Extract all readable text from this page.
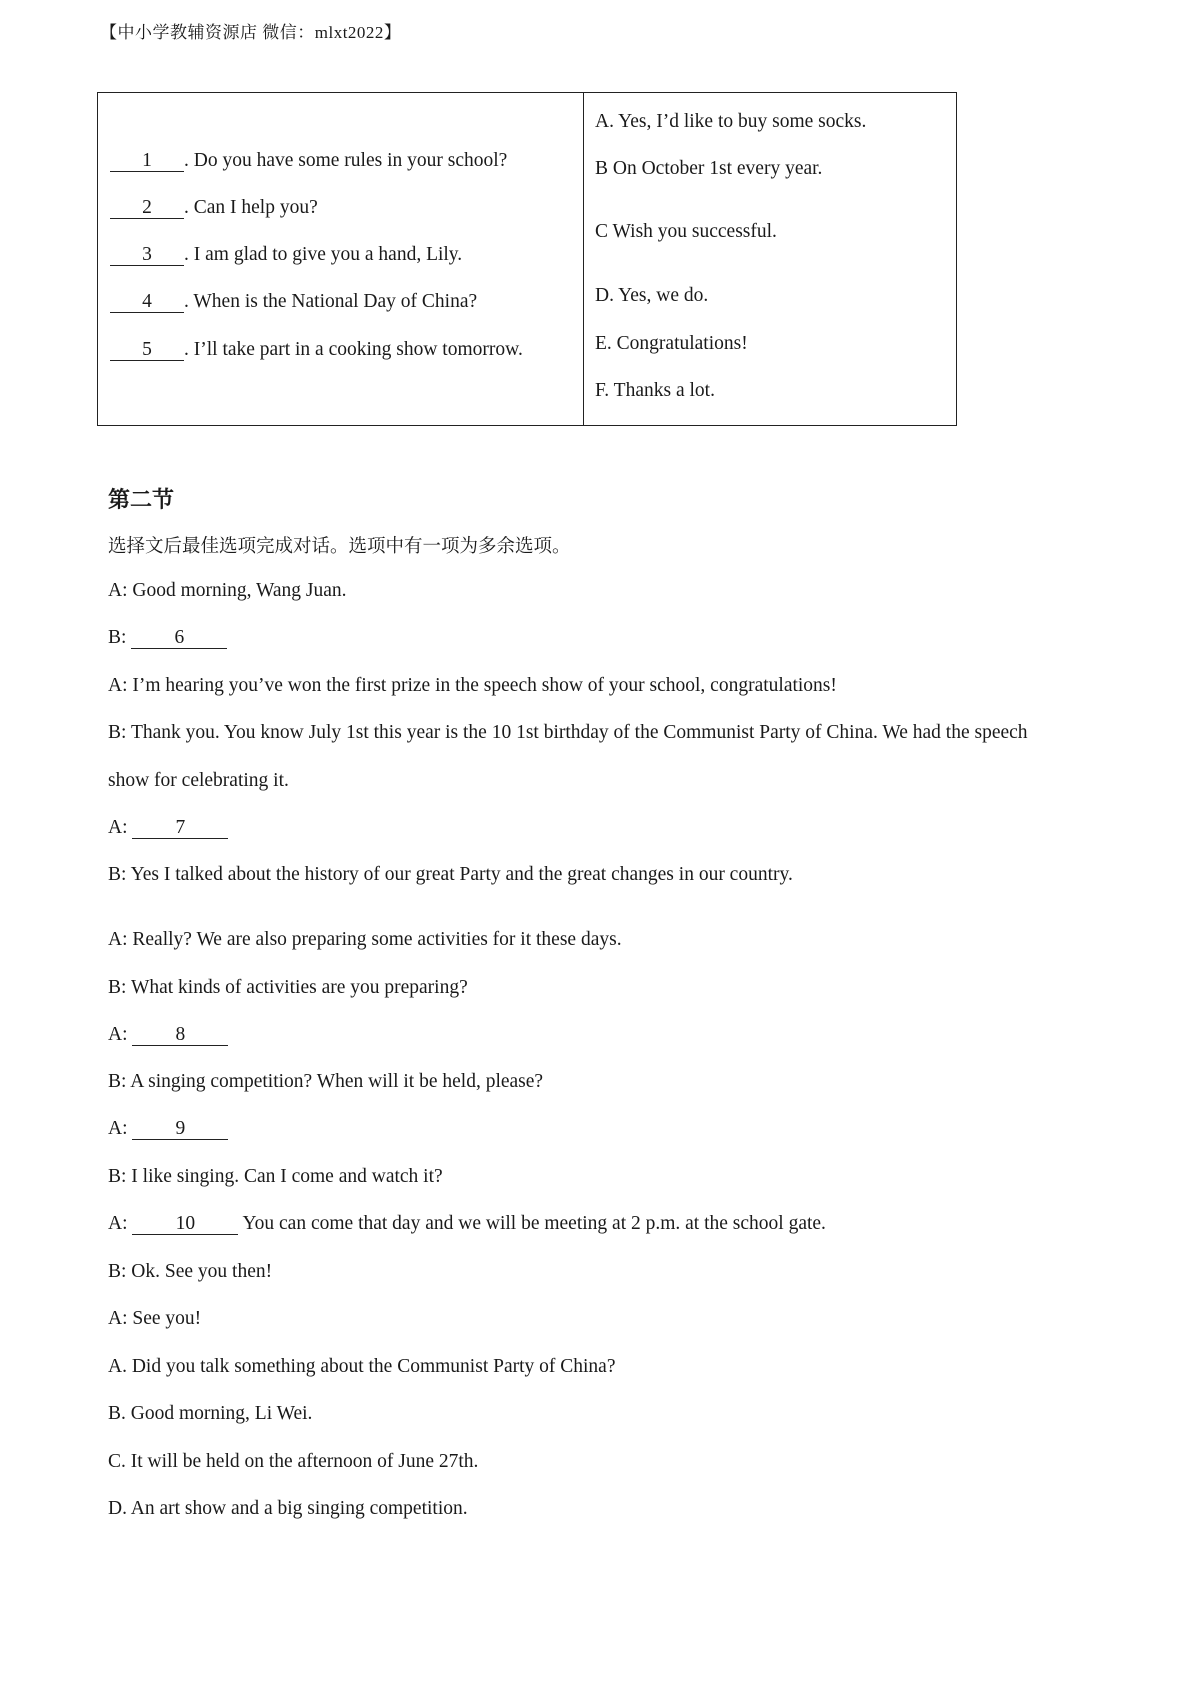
【中小学教辅资源店 微信：mlxt2022】
1 . Do you have some rules in your school?
2 . Can I help you?
3 . I am glad to give you a hand, Lily.
4 . When is the National Day of China?
5 . I’ll take part in a cooking show tomorrow.
A. Yes, I’d like to buy some socks.
B On October 1st every year.
C Wish you successful.
D. Yes, we do.
E. Congratulations!
F. Thanks a lot.
第二节
选择文后最佳选项完成对话。选项中有一项为多余选项。
A: Good morning, Wang Juan.
B: 6
A: I’m hearing you’ve won the first prize in the speech show of your school, congratulations!
B: Thank you. You know July 1st this year is the 10 1st birthday of the Communist Party of China. We had the speech
show for celebrating it.
A: 7
B: Yes I talked about the history of our great Party and the great changes in our country.
A: Really? We are also preparing some activities for it these days.
B: What kinds of activities are you preparing?
A: 8
B: A singing competition? When will it be held, please?
A: 9
B: I like singing. Can I come and watch it?
A: 10 You can come that day and we will be meeting at 2 p.m. at the school gate.
B: Ok. See you then!
A: See you!
A. Did you talk something about the Communist Party of China?
B. Good morning, Li Wei.
C. It will be held on the afternoon of June 27th.
D. An art show and a big singing competition.
